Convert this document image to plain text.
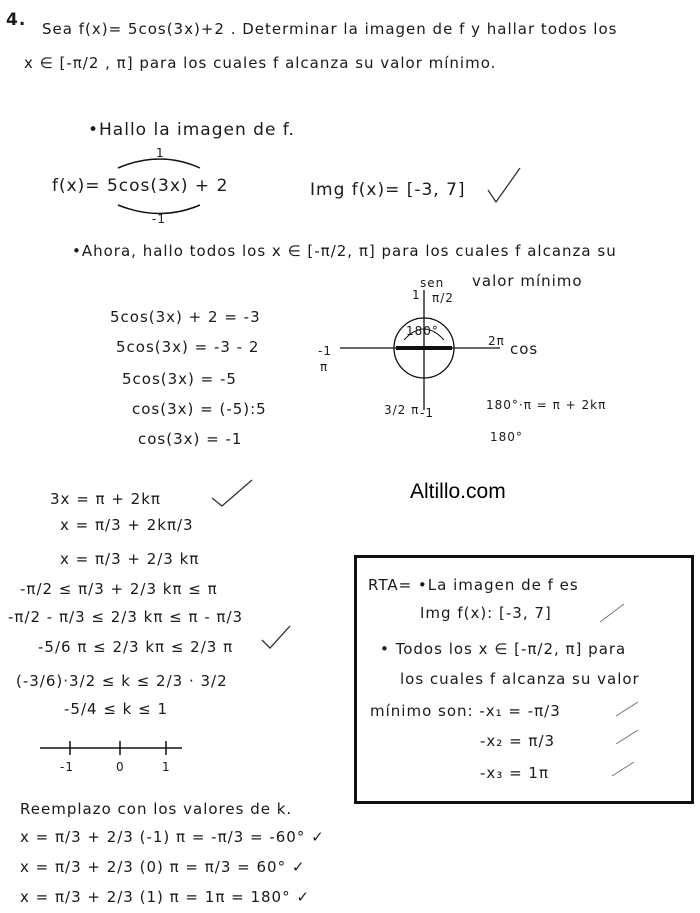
4. Sea f(x)= 5cos(3x)+2 . Determinar la imagen de f y hallar todos los
x ∈ [-π/2 , π] para los cuales f alcanza su valor mínimo.
•Hallo la imagen de f.
1
f(x)= 5cos(3x) + 2
-1
Img f(x)= [-3, 7]
•Ahora, hallo todos los x ∈ [-π/2, π] para los cuales f alcanza su
valor mínimo
5cos(3x) + 2 = -3
5cos(3x) = -3 - 2
5cos(3x) = -5
cos(3x) = (-5):5
cos(3x) = -1
sen
π/2
1
-1
π
180°
2π cos
3/2 π -1
180°·π = π + 2kπ
180°
Altillo.com
3x = π + 2kπ
x = π/3 + 2kπ/3
x = π/3 + 2/3 kπ
-π/2 ≤ π/3 + 2/3 kπ ≤ π
-π/2 - π/3 ≤ 2/3 kπ ≤ π - π/3
-5/6 π ≤ 2/3 kπ ≤ 2/3 π
(-3/6)·3/2 ≤ k ≤ 2/3 · 3/2
-5/4 ≤ k ≤ 1
-1	0	1
RTA= •La imagen de f es
Img f(x): [-3, 7]
• Todos los x ∈ [-π/2, π] para
los cuales f alcanza su valor
mínimo son: -x₁ = -π/3
-x₂ = π/3
-x₃ = 1π
Reemplazo con los valores de k.
x = π/3 + 2/3 (-1) π = -π/3 = -60° ✓
x = π/3 + 2/3 (0) π = π/3 = 60° ✓
x = π/3 + 2/3 (1) π = 1π = 180° ✓
